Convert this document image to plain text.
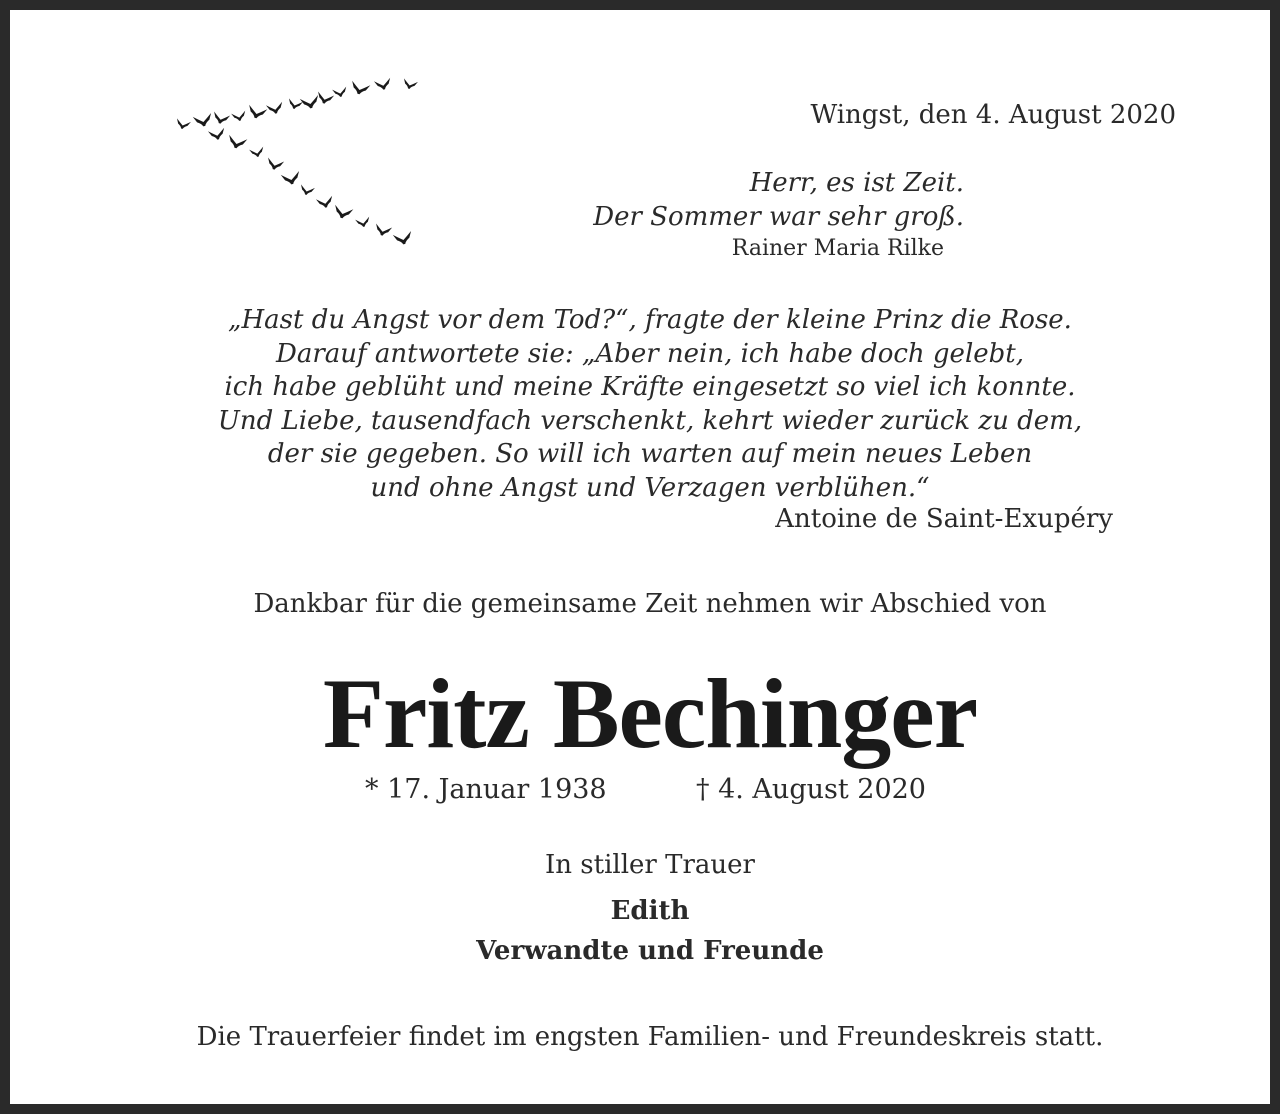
Wingst, den 4. August 2020
Herr, es ist Zeit.
Der Sommer war sehr groß.
Rainer Maria Rilke
„Hast du Angst vor dem Tod?“, fragte der kleine Prinz die Rose.
Darauf antwortete sie: „Aber nein, ich habe doch gelebt,
ich habe geblüht und meine Kräfte eingesetzt so viel ich konnte.
Und Liebe, tausendfach verschenkt, kehrt wieder zurück zu dem,
der sie gegeben. So will ich warten auf mein neues Leben
und ohne Angst und Verzagen verblühen.“
Antoine de Saint-Exupéry
Dankbar für die gemeinsame Zeit nehmen wir Abschied von
Fritz Bechinger
* 17. Januar 1938	† 4. August 2020
In stiller Trauer
Edith
Verwandte und Freunde
Die Trauerfeier findet im engsten Familien- und Freundeskreis statt.
